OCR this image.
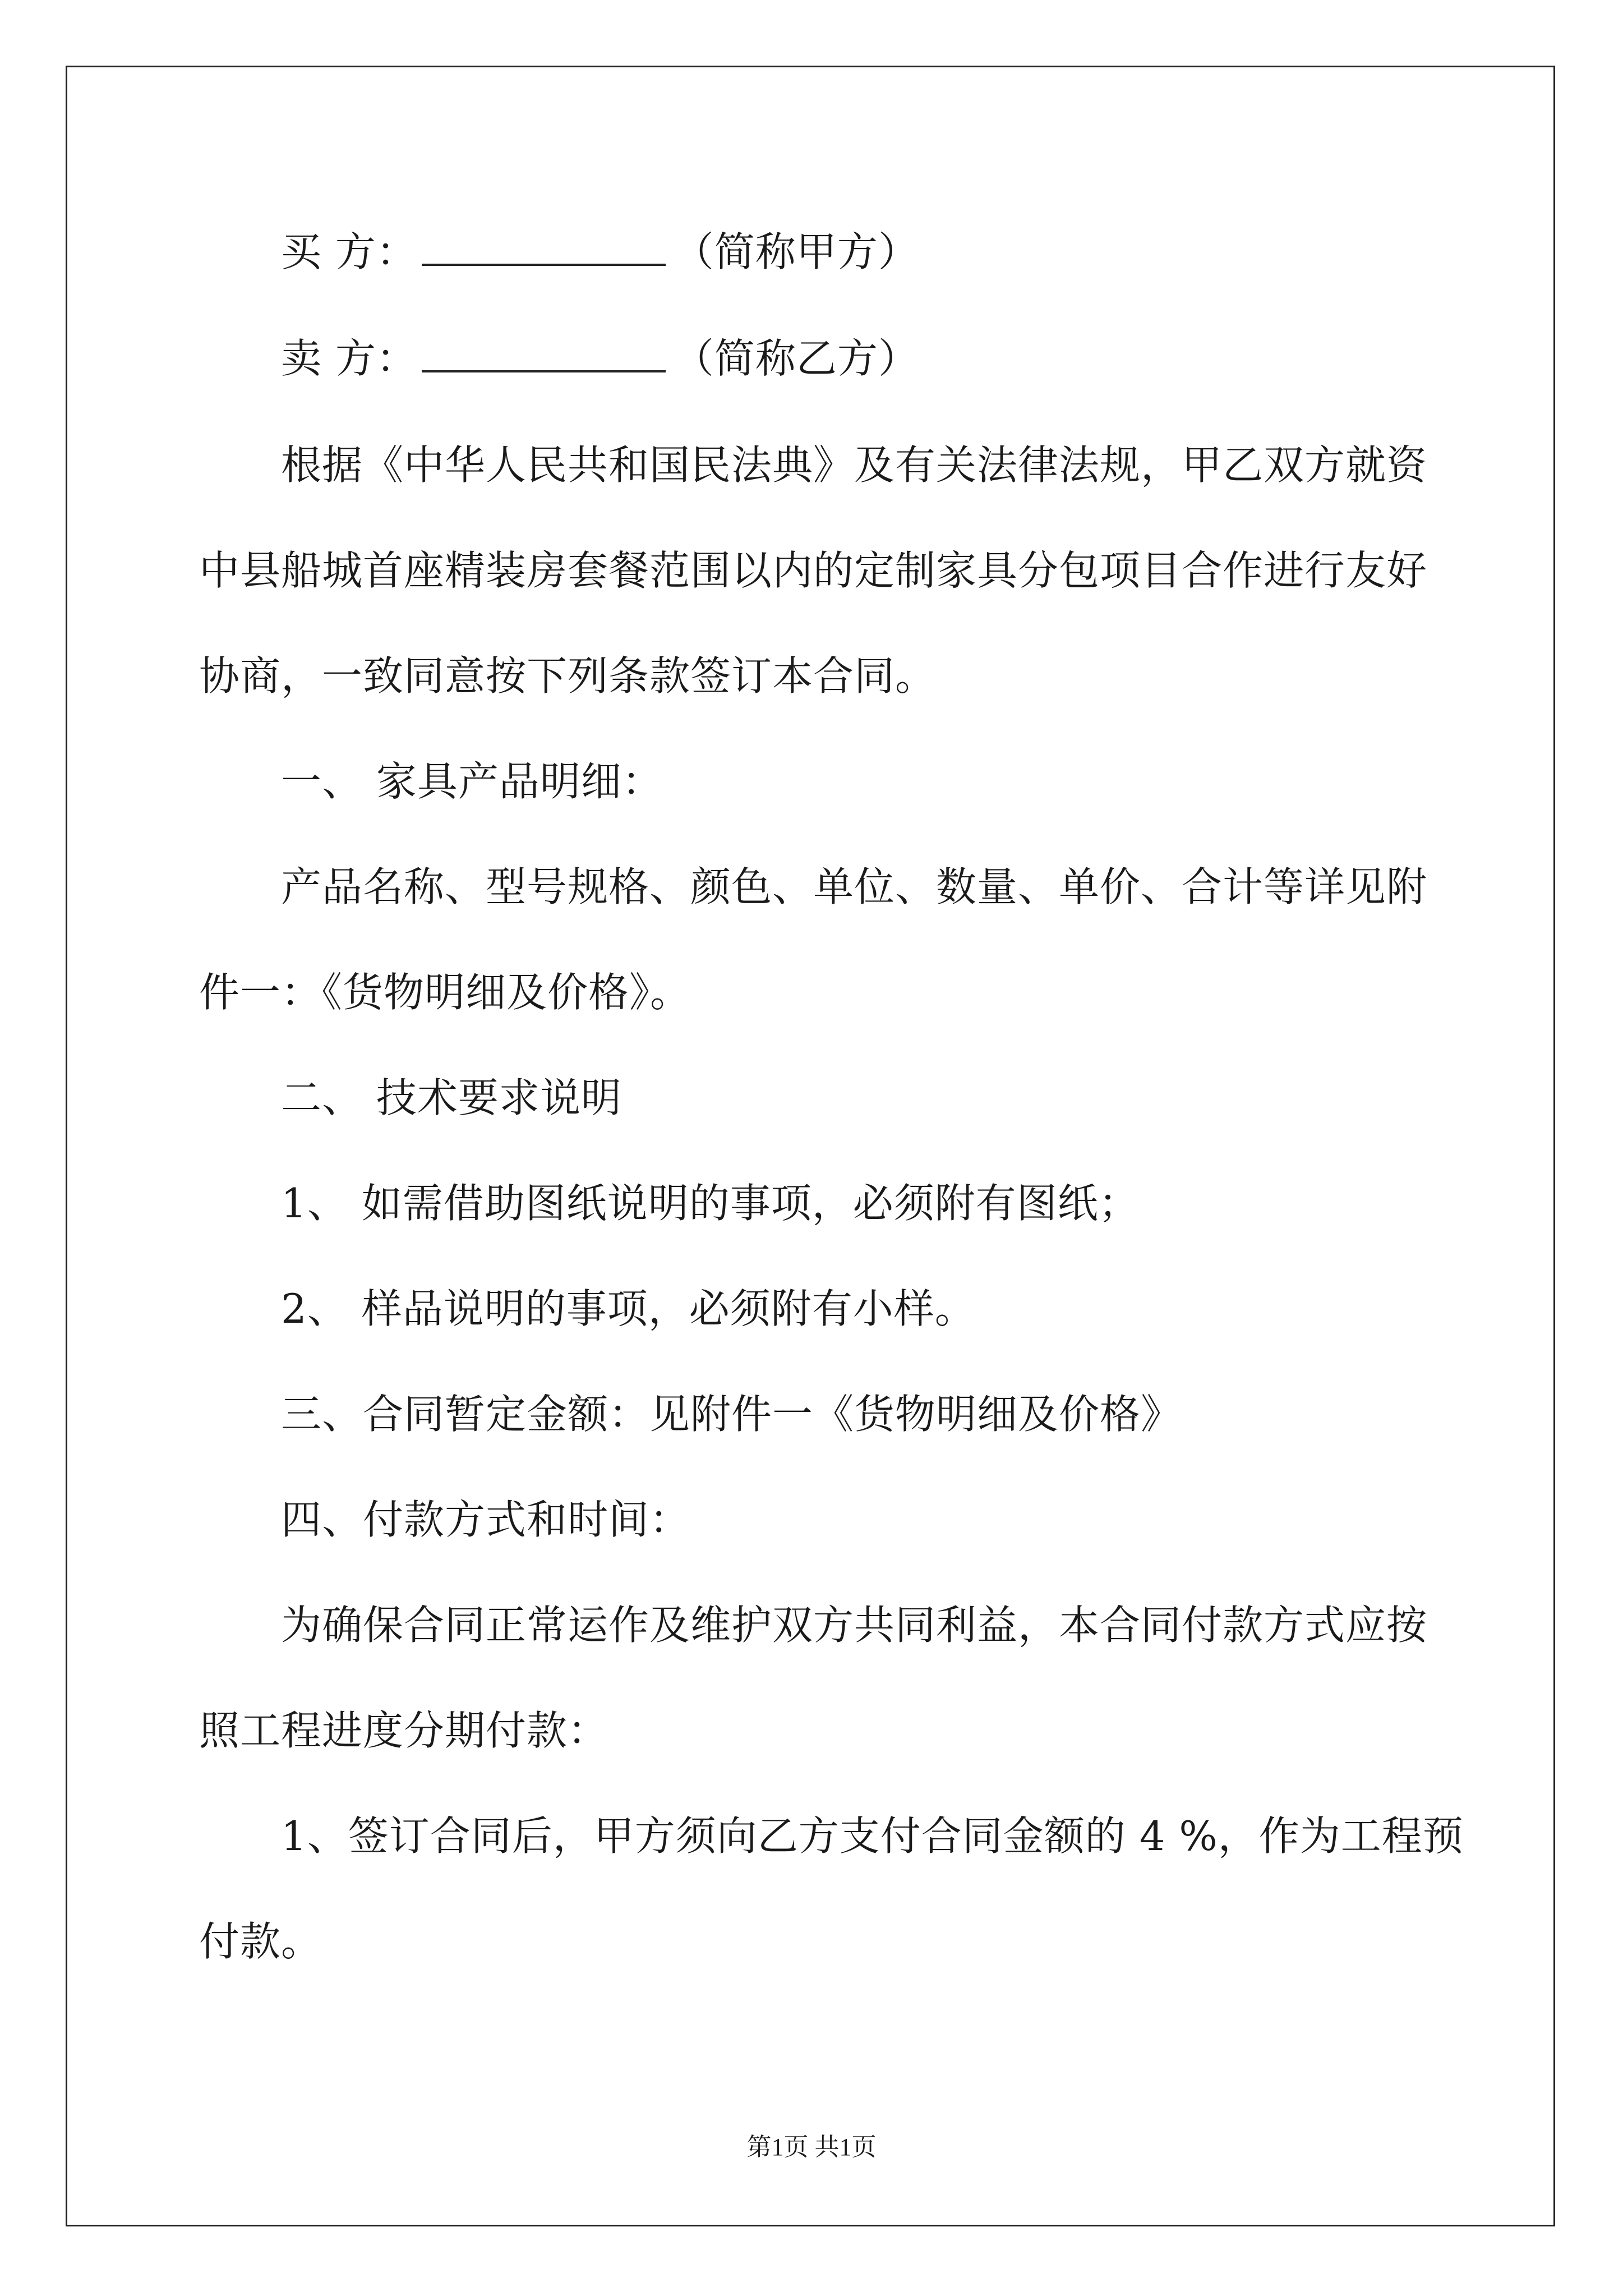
买 方：	（简称甲方）

卖 方：	（简称乙方）

根据《中华人民共和国民法典》及有关法律法规，甲乙双方就资

中县船城首座精装房套餐范围以内的定制家具分包项目合作进行友好

协商，一致同意按下列条款签订本合同。

一、 家具产品明细：

产品名称、型号规格、颜色、单位、数量、单价、合计等详见附

件一：《货物明细及价格》。

二、 技术要求说明

1、 如需借助图纸说明的事项，必须附有图纸；

2、 样品说明的事项，必须附有小样。

三、合同暂定金额：见附件一《货物明细及价格》

四、付款方式和时间：

为确保合同正常运作及维护双方共同利益，本合同付款方式应按

照工程进度分期付款：

1、签订合同后，甲方须向乙方支付合同金额的 4 %，作为工程预

付款。

第1页 共1页
